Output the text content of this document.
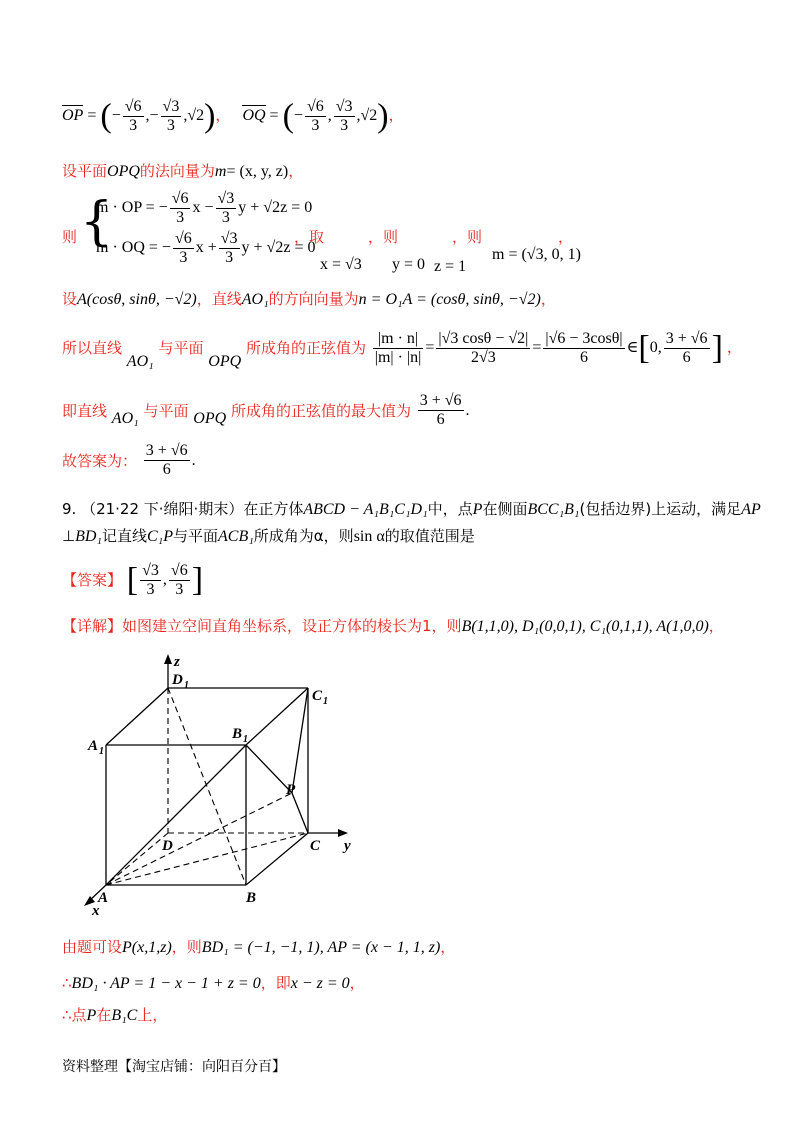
OP = (− $\frac{√6}{3}$ ,− $\frac{√3}{3} ,√2$)， OQ = (− $\frac{√6}{3}$ , $\frac{√3}{3} ,√2$)，
设平面OPQ的法向量为m= (x, y, z)，
则 {
m · OP = − $\frac{√6}{3}$ $x - \frac{√3}{3}$ y + √2z = 0
m · OQ = − $\frac{√6}{3}$ $x + \frac{√3}{3}$ y + √2z = 0
，取
x = √3
，则
y = 0
，则
z = 1
m = (√3, 0, 1)
，
设A(cosθ, sinθ, −√2)，直线AO₁的方向向量为n = O₁A = (cosθ, sinθ, −√2)，
所以直线 AO₁ 与平面 OPQ 所成角的正弦值为 $\frac{|m \cdot n|}{|m| \cdot |n|} = \frac{|√3 \cos\theta - √2|}{2√3} = \frac{|√6 - 3\cos\theta|}{6}$ ∈[0, $\frac{3 + √6}{6}$ ] ，
即直线 AO₁ 与平面 OPQ 所成角的正弦值的最大值为 $\frac{3 + √6}{6}$ .
故答案为： $\frac{3 + √6}{6}$ .
9. （21·22 下·绵阳·期末）在正方体ABCD − A₁B₁C₁D₁中，点P在侧面BCC₁B₁(包括边界)上运动，满足AP
⊥BD₁记直线C₁P与平面ACB₁所成角为α，则sin α的取值范围是
【答案】 [ $\frac{√3}{3}$ , $\frac{√6}{3}$ ]
【详解】如图建立空间直角坐标系，设正方体的棱长为1，则B(1,1,0), D₁(0,0,1), C₁(0,1,1), A(1,0,0)，
z
y
x
D 1
C 1
A 1
B 1
P
D	C
A	B
由题可设P(x,1,z)，则BD₁ = (−1, −1, 1), AP = (x − 1, 1, z)，
∴BD₁ · AP = 1 − x − 1 + z = 0，即x − z = 0，
∴点P在B₁C上，
资料整理【淘宝店铺：向阳百分百】
